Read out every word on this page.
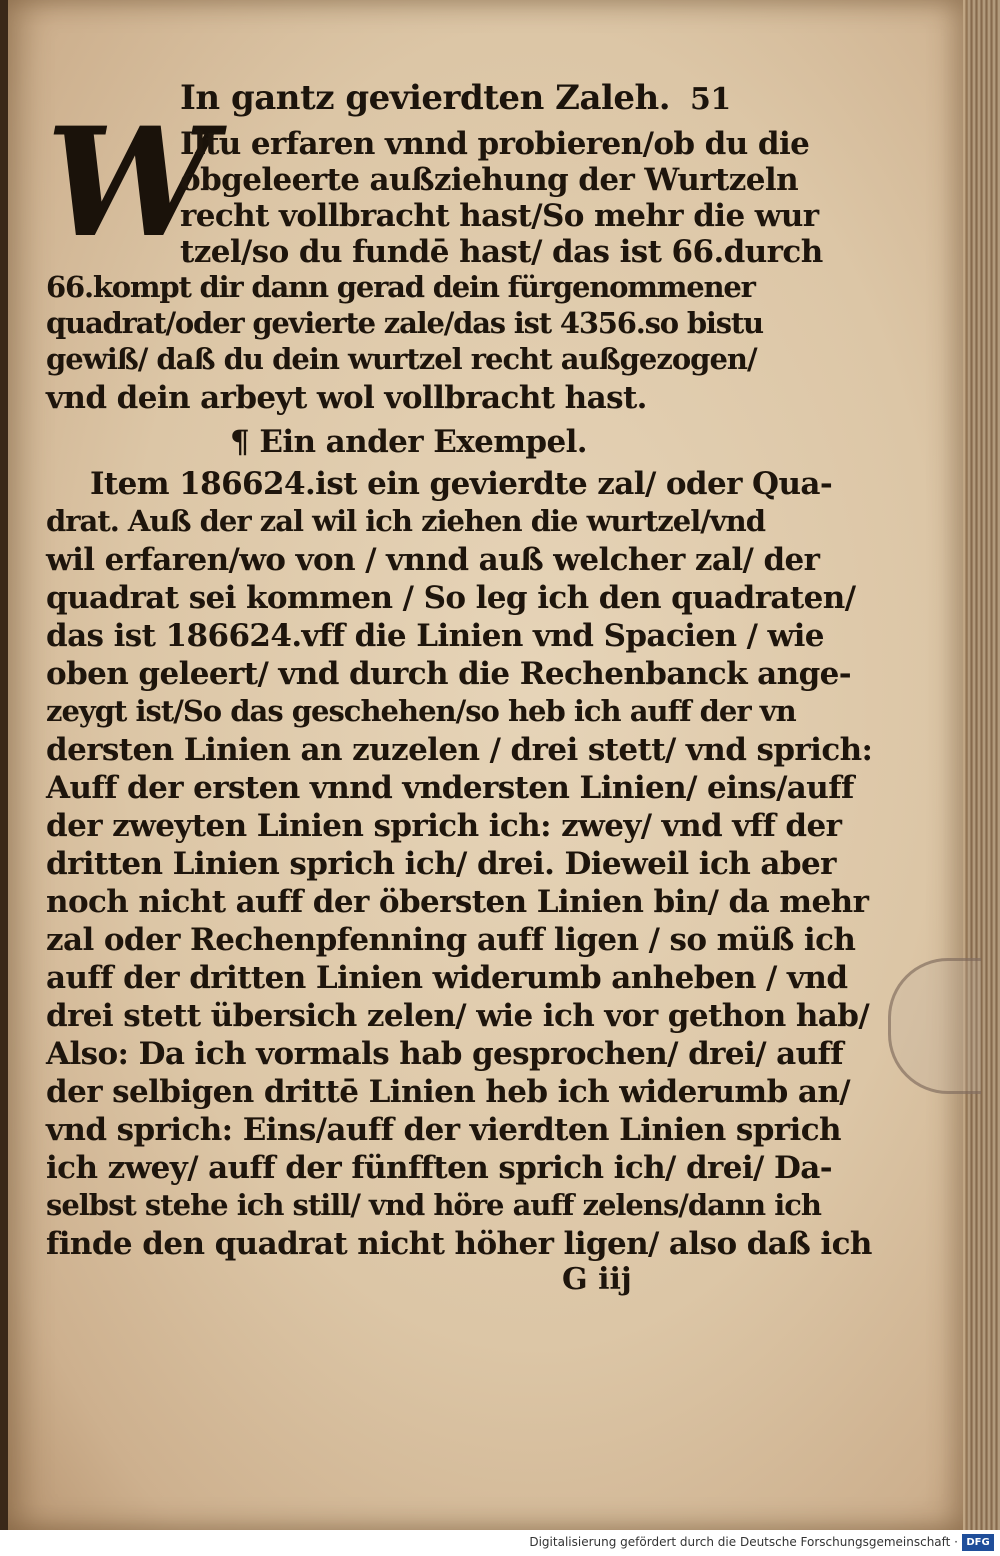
In gantz gevierdten Zaleh. 51
W
Iltu erfaren vnnd probieren/ob du die
obgeleerte außziehung der Wurtzeln
recht vollbracht hast/So mehr die wur
tzel/so du fundē hast/ das ist 66.durch
66.kompt dir dann gerad dein fürgenommener
quadrat/oder gevierte zale/das ist 4356.so bistu
gewiß/ daß du dein wurtzel recht außgezogen/
vnd dein arbeyt wol vollbracht hast.
¶ Ein ander Exempel.
Item 186624.ist ein gevierdte zal/ oder Qua-
drat. Auß der zal wil ich ziehen die wurtzel/vnd
wil erfaren/wo von / vnnd auß welcher zal/ der
quadrat sei kommen / So leg ich den quadraten/
das ist 186624.vff die Linien vnd Spacien / wie
oben geleert/ vnd durch die Rechenbanck ange-
zeygt ist/So das geschehen/so heb ich auff der vn
dersten Linien an zuzelen / drei stett/ vnd sprich:
Auff der ersten vnnd vndersten Linien/ eins/auff
der zweyten Linien sprich ich: zwey/ vnd vff der
dritten Linien sprich ich/ drei. Dieweil ich aber
noch nicht auff der öbersten Linien bin/ da mehr
zal oder Rechenpfenning auff ligen / so müß ich
auff der dritten Linien widerumb anheben / vnd
drei stett übersich zelen/ wie ich vor gethon hab/
Also: Da ich vormals hab gesprochen/ drei/ auff
der selbigen drittē Linien heb ich widerumb an/
vnd sprich: Eins/auff der vierdten Linien sprich
ich zwey/ auff der fünfften sprich ich/ drei/ Da-
selbst stehe ich still/ vnd höre auff zelens/dann ich
finde den quadrat nicht höher ligen/ also daß ich
G iij
Digitalisierung gefördert durch die Deutsche Forschungsgemeinschaft · DFG
